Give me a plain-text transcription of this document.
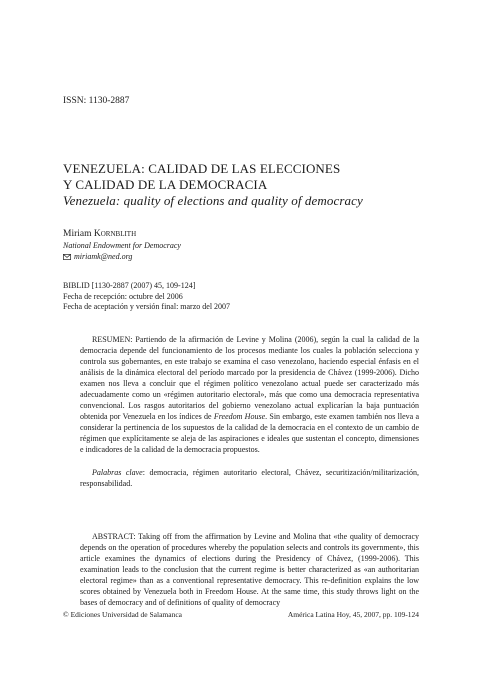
ISSN: 1130-2887
VENEZUELA: CALIDAD DE LAS ELECCIONES
Y CALIDAD DE LA DEMOCRACIA
Venezuela: quality of elections and quality of democracy
Miriam Kornblith
National Endowment for Democracy
miriamk@ned.org
BIBLID [1130-2887 (2007) 45, 109-124]
Fecha de recepción: octubre del 2006
Fecha de aceptación y versión final: marzo del 2007

RESUMEN: Partiendo de la afirmación de Levine y Molina (2006), según la cual la calidad de la democracia depende del funcionamiento de los procesos mediante los cuales la población selecciona y controla sus gobernantes, en este trabajo se examina el caso venezolano, haciendo especial énfasis en el análisis de la dinámica electoral del período marcado por la presidencia de Chávez (1999-2006). Dicho examen nos lleva a concluir que el régimen político venezolano actual puede ser caracterizado más adecuadamente como un «régimen autoritario electoral», más que como una democracia representativa convencional. Los rasgos autoritarios del gobierno venezolano actual explicarían la baja puntuación obtenida por Venezuela en los índices de Freedom House. Sin embargo, este examen también nos lleva a considerar la pertinencia de los supuestos de la calidad de la democracia en el contexto de un cambio de régimen que explícitamente se aleja de las aspiraciones e ideales que sustentan el concepto, dimensiones e indicadores de la calidad de la democracia propuestos.

Palabras clave: democracia, régimen autoritario electoral, Chávez, securitización/militarización, responsabilidad.

ABSTRACT: Taking off from the affirmation by Levine and Molina that «the quality of democracy depends on the operation of procedures whereby the population selects and controls its government», this article examines the dynamics of elections during the Presidency of Chávez, (1999-2006). This examination leads to the conclusion that the current regime is better characterized as «an authoritarian electoral regime» than as a conventional representative democracy. This re-definition explains the low scores obtained by Venezuela both in Freedom House. At the same time, this study throws light on the bases of democracy and of definitions of quality of democracy

© Ediciones Universidad de Salamanca	América Latina Hoy, 45, 2007, pp. 109-124
